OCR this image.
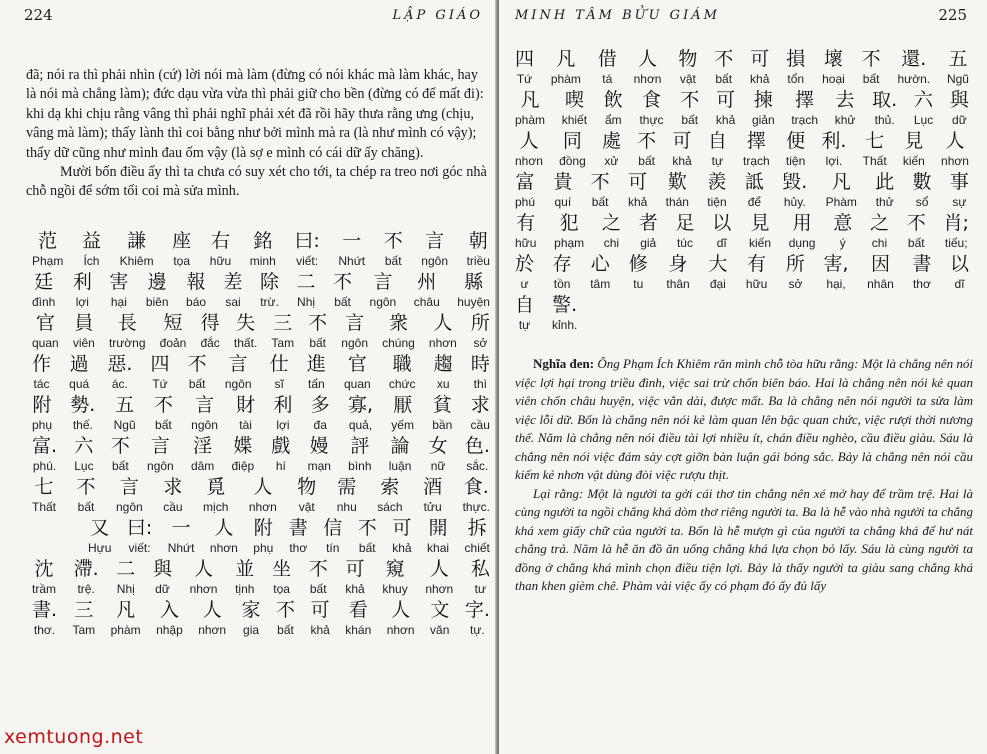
224	LẬP GIÁO

đã; nói ra thì phải nhìn (cứ) lời nói mà làm (đừng có nói khác mà làm khác, hay là nói mà chẳng làm); đức dạu vừa vừa thì phải giữ cho bền (đừng có để mất đi): khi dạ khi chịu rằng vâng thì phải nghĩ phải xét đã rồi hãy thưa rằng ưng (chịu, vâng mà làm); thấy lành thì coi bằng như bởi mình mà ra (là như mình có vậy); thấy dữ cũng như mình đau ốm vậy (là sợ e mình có cái dữ ấy chăng).

Mười bốn điều ấy thì ta chưa có suy xét cho tới, ta chép ra treo nơi góc nhà chỗ ngồi để sớm tối coi mà sửa mình.

范
Phạm
益
Ích
謙
Khiêm
座
tọa
右
hữu
銘
minh
曰:
viết:
一
Nhứt
不
bất
言
ngôn
朝
triều
廷
đình
利
lợi
害
hại
邊
biên
報
báo
差
sai
除
trừ.
二
Nhị
不
bất
言
ngôn
州
châu
縣
huyện
官
quan
員
viên
長
trường
短
đoản
得
đắc
失
thất.
三
Tam
不
bất
言
ngôn
衆
chúng
人
nhơn
所
sở
作
tác
過
quá
惡.
ác.
四
Tứ
不
bất
言
ngôn
仕
sĩ
進
tấn
官
quan
職
chức
趨
xu
時
thì
附
phụ
勢.
thế.
五
Ngũ
不
bất
言
ngôn
財
tài
利
lợi
多
đa
寡,
quả,
厭
yếm
貧
bần
求
cầu
富.
phú.
六
Lục
不
bất
言
ngôn
淫
dâm
媟
điệp
戲
hí
嫚
mạn
評
bình
論
luận
女
nữ
色.
sắc.
七
Thất
不
bất
言
ngôn
求
cầu
覓
mịch
人
nhơn
物
vật
需
nhu
索
sách
酒
tửu
食.
thực.
又
Hựu
曰:
viết:
一
Nhứt
人
nhơn
附
phụ
書
thơ
信
tín
不
bất
可
khả
開
khai
拆
chiết
沈
trầm
滯.
trệ.
二
Nhị
與
dữ
人
nhơn
並
tịnh
坐
tọa
不
bất
可
khả
窺
khuy
人
nhơn
私
tư
書.
thơ.
三
Tam
凡
phàm
入
nhập
人
nhơn
家
gia
不
bất
可
khả
看
khán
人
nhơn
文
văn
字.
tự.
MINH TÂM BỬU GIÁM	225
四
Tứ
凡
phàm
借
tá
人
nhơn
物
vật
不
bất
可
khả
損
tổn
壞
hoại
不
bất
還.
hườn.
五
Ngũ
凡
phàm
喫
khiết
飲
ẩm
食
thực
不
bất
可
khả
揀
giản
擇
trạch
去
khử
取.
thủ.
六
Lục
與
dữ
人
nhơn
同
đồng
處
xử
不
bất
可
khả
自
tự
擇
trạch
便
tiện
利.
lợi.
七
Thất
見
kiến
人
nhơn
富
phú
貴
quí
不
bất
可
khả
歎
thán
羨
tiện
詆
để
毀.
hủy.
凡
Phàm
此
thử
數
sổ
事
sự
有
hữu
犯
phạm
之
chi
者
giả
足
túc
以
dĩ
見
kiến
用
dụng
意
ý
之
chi
不
bất
肖;
tiếu;
於
ư
存
tồn
心
tâm
修
tu
身
thân
大
đại
有
hữu
所
sở
害,
hại,
因
nhân
書
thơ
以
dĩ
自
tự
警.
kỉnh.

Nghĩa đen: Ông Phạm Ích Khiêm răn mình chỗ tòa hữu rằng: Một là chẳng nên nói việc lợi hại trong triều đình, việc sai trừ chốn biên báo. Hai là chẳng nên nói kẻ quan viên chốn châu huyện, việc vắn dài, được mất. Ba là chẳng nên nói người ta sửa làm việc lỗi dữ. Bốn là chẳng nên nói kẻ làm quan lên bậc quan chức, việc rượi thời nương thế. Năm là chẳng nên nói điều tài lợi nhiều ít, chán điều nghèo, cầu điều giàu. Sáu là chẳng nên nói việc đám sày cợt giỡn bàn luận gái bóng sắc. Bảy là chẳng nên nói cầu kiếm kẻ nhơn vật dùng đòi việc rượu thịt.

Lại rằng: Một là người ta gởi cái thơ tin chẳng nên xé mở hay để trầm trệ. Hai là cùng người ta ngồi chẳng khá dòm thơ riêng người ta. Ba là hễ vào nhà người ta chẳng khá xem giấy chữ của người ta. Bốn là hễ mượn gì của người ta chẳng khá để hư nát chẳng trả. Năm là hễ ăn đồ ăn uống chẳng khá lựa chọn bỏ lấy. Sáu là cùng người ta đồng ở chẳng khá mình chọn điều tiện lợi. Bảy là thấy người ta giàu sang chẳng khá than khen gièm chê. Phàm vài việc ấy có phạm đó ấy đủ lấy

xemtuong.net
